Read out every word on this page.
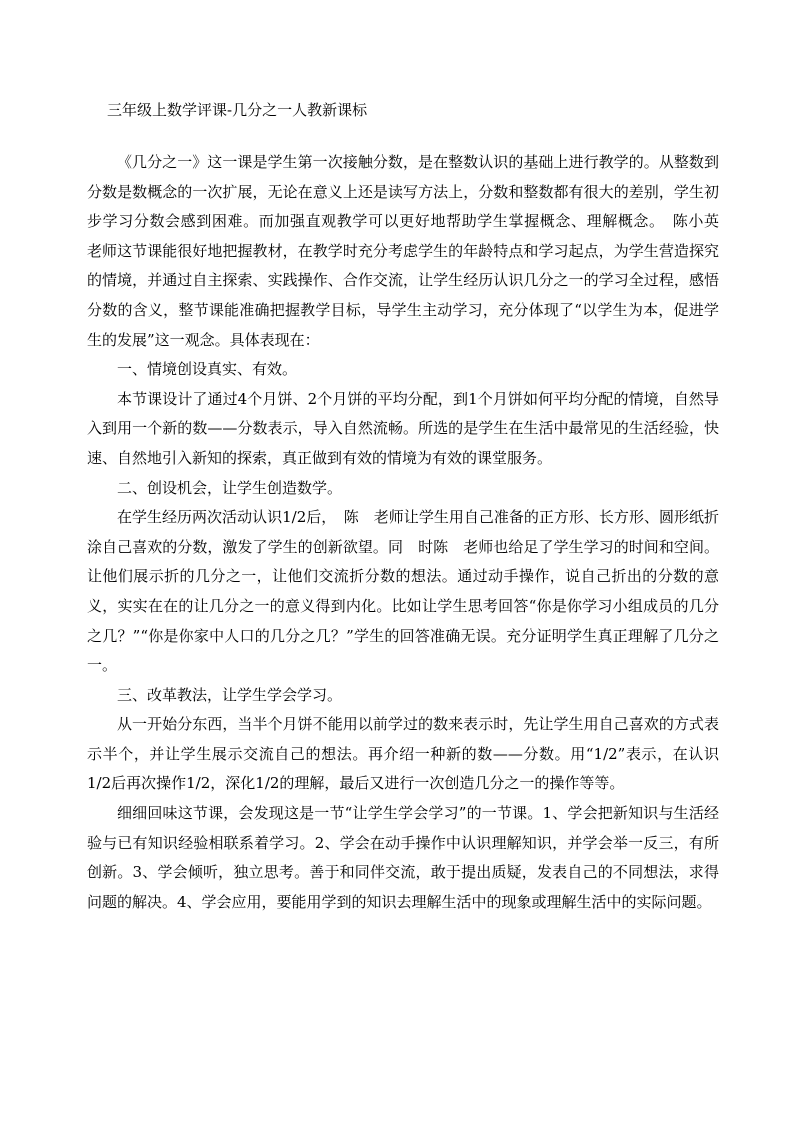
三年级上数学评课-几分之一人教新课标

《几分之一》这一课是学生第一次接触分数，是在整数认识的基础上进行教学的。从整数到分数是数概念的一次扩展，无论在意义上还是读写方法上，分数和整数都有很大的差别，学生初步学习分数会感到困难。而加强直观教学可以更好地帮助学生掌握概念、理解概念。　陈小英　老师这节课能很好地把握教材，在教学时充分考虑学生的年龄特点和学习起点，为学生营造探究的情境，并通过自主探索、实践操作、合作交流，让学生经历认识几分之一的学习全过程，感悟分数的含义，整节课能准确把握教学目标，导学生主动学习，充分体现了“以学生为本，促进学生的发展”这一观念。具体表现在：

一、情境创设真实、有效。

本节课设计了通过4个月饼、2个月饼的平均分配，到1个月饼如何平均分配的情境，自然导入到用一个新的数——分数表示，导入自然流畅。所选的是学生在生活中最常见的生活经验，快速、自然地引入新知的探索，真正做到有效的情境为有效的课堂服务。

二、创设机会，让学生创造数学。

在学生经历两次活动认识1/2后，　陈　老师让学生用自己准备的正方形、长方形、圆形纸折涂自己喜欢的分数，激发了学生的创新欲望。同　时陈　老师也给足了学生学习的时间和空间。让他们展示折的几分之一，让他们交流折分数的想法。通过动手操作，说自己折出的分数的意义，实实在在的让几分之一的意义得到内化。比如让学生思考回答“你是你学习小组成员的几分之几？”“你是你家中人口的几分之几？”学生的回答准确无误。充分证明学生真正理解了几分之一。

三、改革教法，让学生学会学习。

从一开始分东西，当半个月饼不能用以前学过的数来表示时，先让学生用自己喜欢的方式表示半个，并让学生展示交流自己的想法。再介绍一种新的数——分数。用“1/2”表示，在认识1/2后再次操作1/2，深化1/2的理解，最后又进行一次创造几分之一的操作等等。

细细回味这节课，会发现这是一节“让学生学会学习”的一节课。1、学会把新知识与生活经验与已有知识经验相联系着学习。2、学会在动手操作中认识理解知识，并学会举一反三，有所创新。3、学会倾听，独立思考。善于和同伴交流，敢于提出质疑，发表自己的不同想法，求得问题的解决。4、学会应用，要能用学到的知识去理解生活中的现象或理解生活中的实际问题。
